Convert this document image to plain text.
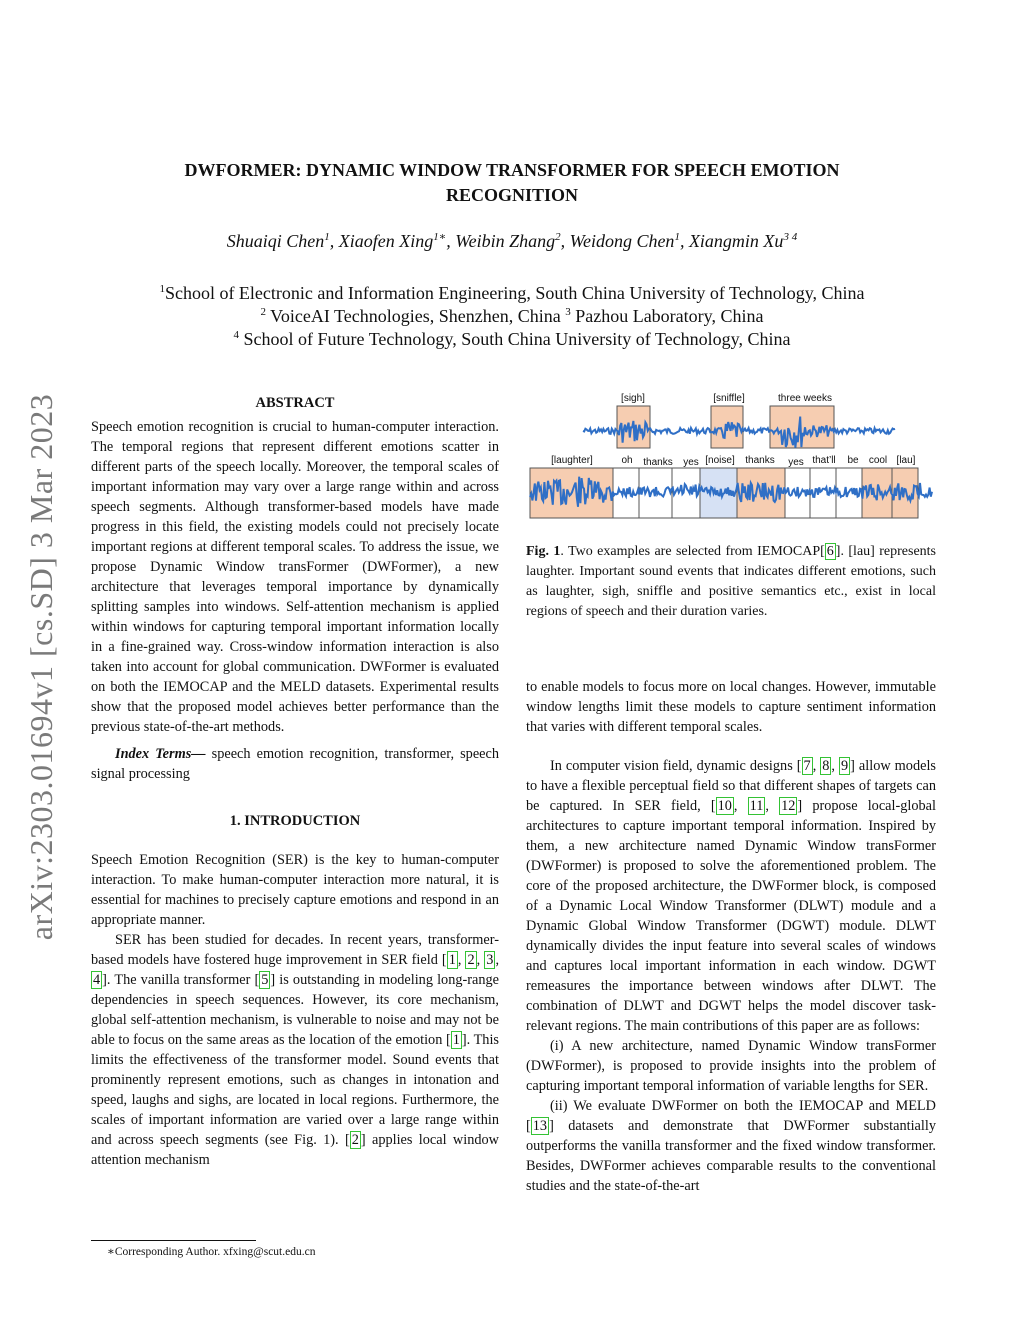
arXiv:2303.01694v1 [cs.SD] 3 Mar 2023
DWFORMER: DYNAMIC WINDOW TRANSFORMER FOR SPEECH EMOTION
RECOGNITION
Shuaiqi Chen$^1$, Xiaofen Xing$^{1∗}$, Weibin Zhang$^2$, Weidong Chen$^1$, Xiangmin $Xu^{3 4}$
$^1$School of Electronic and Information Engineering, South China University of Technology, China
$^2$ VoiceAI Technologies, Shenzhen, China $^3$ Pazhou Laboratory, China
$^4$ School of Future Technology, South China University of Technology, China

ABSTRACT

Speech emotion recognition is crucial to human-computer interaction. The temporal regions that represent different emotions scatter in different parts of the speech locally. Moreover, the temporal scales of important information may vary over a large range within and across speech segments. Although transformer-based models have made progress in this field, the existing models could not precisely locate important regions at different temporal scales. To address the issue, we propose Dynamic Window transFormer (DWFormer), a new architecture that leverages temporal importance by dynamically splitting samples into windows. Self-attention mechanism is applied within windows for capturing temporal important information locally in a fine-grained way. Cross-window information interaction is also taken into account for global communication. DWFormer is evaluated on both the IEMOCAP and the MELD datasets. Experimental results show that the proposed model achieves better performance than the previous state-of-the-art methods.

Index Terms— speech emotion recognition, transformer, speech signal processing

1. INTRODUCTION

Speech Emotion Recognition (SER) is the key to human-computer interaction. To make human-computer interaction more natural, it is essential for machines to precisely capture emotions and respond in an appropriate manner.

SER has been studied for decades. In recent years, transformer-based models have fostered huge improvement in SER field [ 1 , 2 , 3 , 4 ]. The vanilla transformer [ 5 ] is outstanding in modeling long-range dependencies in speech sequences. However, its core mechanism, global self-attention mechanism, is vulnerable to noise and may not be able to focus on the same areas as the location of the emotion [ 1 ]. This limits the effectiveness of the transformer model. Sound events that prominently represent emotions, such as changes in intonation and speed, laughs and sighs, are located in local regions. Furthermore, the scales of important information are varied over a large range within and across speech segments (see Fig. 1). [ 2 ] applies local window attention mechanism

∗Corresponding Author. xfxing@scut.edu.cn
[sigh]	[sniffle]	three weeks
[laughter]	oh thanks yes [noise] thanks yes that’ll be cool [lau]
Fig. 1. Two examples are selected from IEMOCAP[ 6 ]. [lau] represents laughter. Important sound events that indicates different emotions, such as laughter, sigh, sniffle and positive semantics etc., exist in local regions of speech and their duration varies.

to enable models to focus more on local changes. However, immutable window lengths limit these models to capture sentiment information that varies with different temporal scales.

In computer vision field, dynamic designs [ 7 , 8 , 9 ] allow models to have a flexible perceptual field so that different shapes of targets can be captured. In SER field, [ 10 , 11 , 12 ] propose local-global architectures to capture important temporal information. Inspired by them, a new architecture named Dynamic Window transFormer (DWFormer) is proposed to solve the aforementioned problem. The core of the proposed architecture, the DWFormer block, is composed of a Dynamic Local Window Transformer (DLWT) module and a Dynamic Global Window Transformer (DGWT) module. DLWT dynamically divides the input feature into several scales of windows and captures local important information in each window. DGWT remeasures the importance between windows after DLWT. The combination of DLWT and DGWT helps the model discover task-relevant regions. The main contributions of this paper are as follows:

(i) A new architecture, named Dynamic Window transFormer (DWFormer), is proposed to provide insights into the problem of capturing important temporal information of variable lengths for SER.

(ii) We evaluate DWFormer on both the IEMOCAP and MELD [ 13 ] datasets and demonstrate that DWFormer substantially outperforms the vanilla transformer and the fixed window transformer. Besides, DWFormer achieves comparable results to the conventional studies and the state-of-the-art
